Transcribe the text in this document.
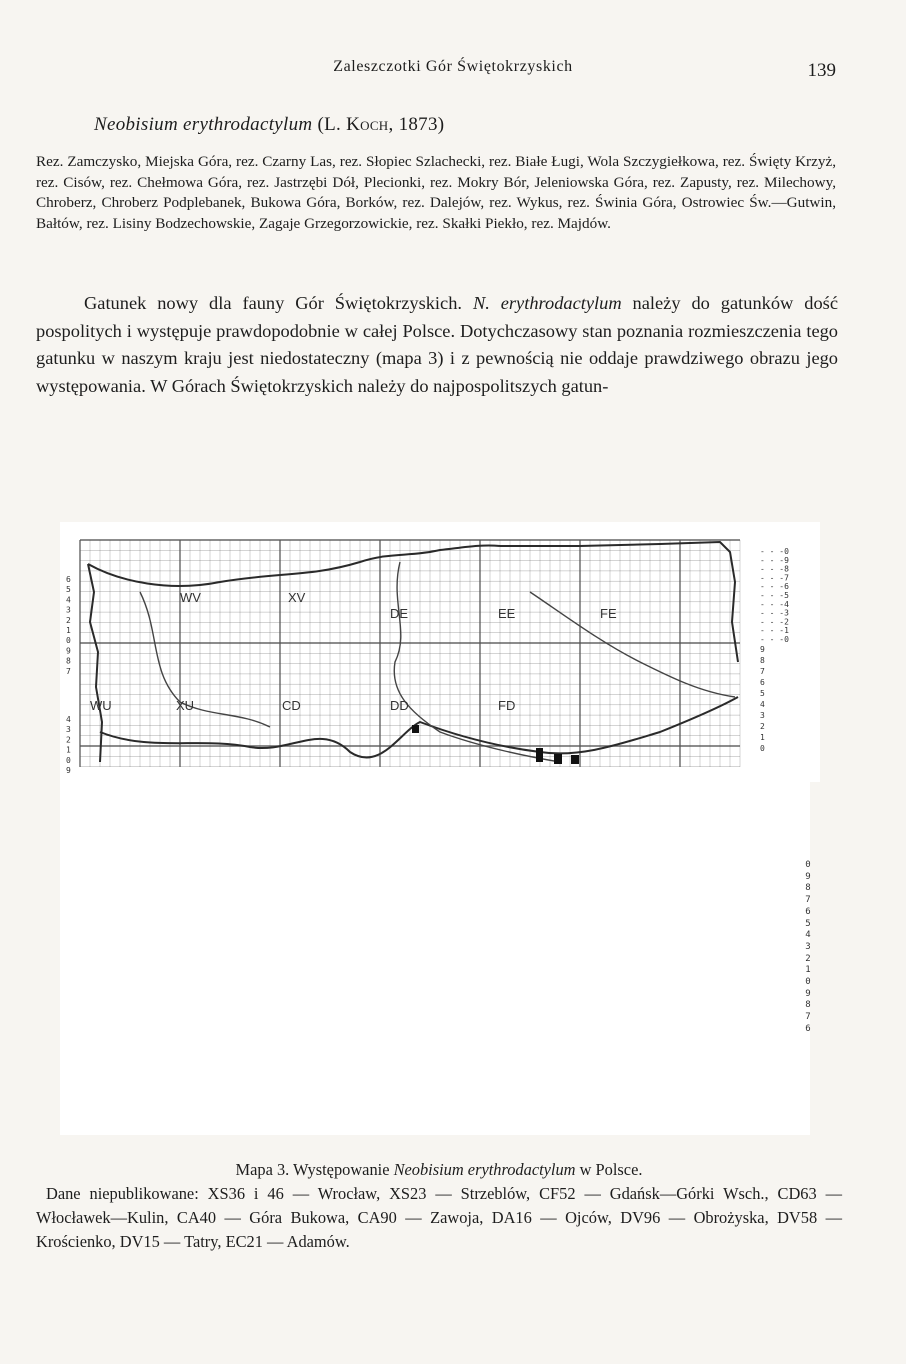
Zaleszczotki Gór Świętokrzyskich	139
Neobisium erythrodactylum (L. Koch, 1873)
Rez. Zamczysko, Miejska Góra, rez. Czarny Las, rez. Słopiec Szlachecki, rez. Białe Ługi, Wola Szczygiełkowa, rez. Święty Krzyż, rez. Cisów, rez. Chełmowa Góra, rez. Jastrzębi Dół, Plecionki, rez. Mokry Bór, Jeleniowska Góra, rez. Zapusty, rez. Milechowy, Chroberz, Chroberz Podplebanek, Bukowa Góra, Borków, rez. Dalejów, rez. Wykus, rez. Świnia Góra, Ostrowiec Św.—Gutwin, Bałtów, rez. Lisiny Bodzechowskie, Zagaje Grzegorzowickie, rez. Skałki Piekło, rez. Majdów.
Gatunek nowy dla fauny Gór Świętokrzyskich. N. erythrodactylum należy do gatunków dość pospolitych i występuje prawdopodobnie w całej Polsce. Dotychczasowy stan poznania rozmieszczenia tego gatunku w naszym kraju jest niedostateczny (mapa 3) i z pewnością nie oddaje prawdziwego obrazu jego występowania. W Górach Świętokrzyskich należy do najpospolitszych gatun-
WV	XV
DE	EE	FE
WU	XU	CD	DD	FD
6
5
4
3
2
1
0
9
8
7
4
3
2
1
0
9
- - -0
- - -9
- - -8
- - -7
- - -6
- - -5
- - -4
- - -3
- - -2
- - -1
- - -0
9
8
7
6
5
4
3
2
1
0
0
9
8
7
6
5
4
3
2
1
0
9
8
7
6
Mapa 3. Występowanie Neobisium erythrodactylum w Polsce.
Dane niepublikowane: XS36 i 46 — Wrocław, XS23 — Strzeblów, CF52 — Gdańsk—Górki Wsch., CD63 — Włocławek—Kulin, CA40 — Góra Bukowa, CA90 — Zawoja, DA16 — Ojców, DV96 — Obrożyska, DV58 — Krościenko, DV15 — Tatry, EC21 — Adamów.
